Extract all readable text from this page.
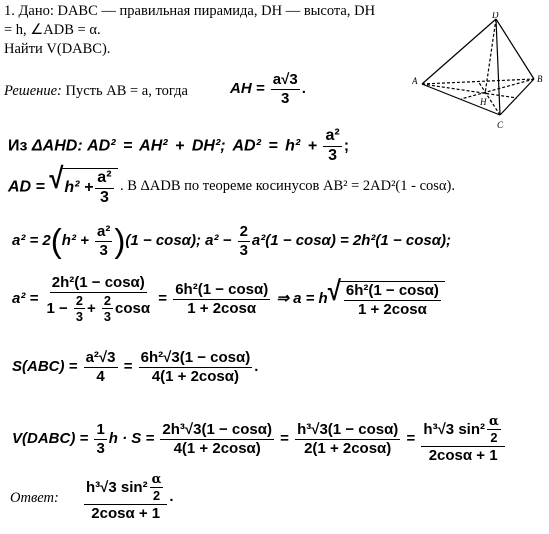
1. Дано: DABC — правильная пирамида, DH — высота, DH
= h, ∠ADB = α.
Найти V(DABC).
D
A	B
C
H
Решение: Пусть AB = a, тогда	AH = $\frac{a√3}{3}$ .
Из ΔAHD: AD² = AH² + DH²; $AD^2 = h^2 + \frac{\text{a²}}{3}$ ;
AD = √ $h^2 + \frac{\text{a²}}{3}$ . В ΔADB по теореме косинусов AB² = 2AD²(1 - cosα).
$a^2 = 2(h^2 + \frac{\text{a²}}{3} )(1 - \cos\alpha)$; $a^2 - \frac{2}{3} a^2(1 - \cos\alpha) = 2h^2(1 - \cos\alpha)$;
$a^2 = \frac{\text{2h²(1 − cosα)}}{1 - \frac{2}{3} + \frac{2}{3} \cos\alpha} = \frac{\text{6h²(1 − cosα)}}{1 + 2\cos\alpha}$ ⇒ a = h √ $\frac{\text{6h²(1 − cosα)}}{1 + 2\cos\alpha}$
$S(ABC) = \frac{\text{a²√3}}{4} = \frac{\text{6h²√3(1 − cosα)}}{4(1 + 2\cos\alpha)}$ .
V(DABC) = $\frac{1}{3}$ $h \cdot S = \frac{\text{2h³√3(1 − cosα)}}{4(1 + 2\cos\alpha)} = \frac{\text{h³√3(1 − cosα)}}{2(1 + 2\cos\alpha)} = \frac{h^3√3 \sin^2 \frac{\alpha}{2}}{2\cos\alpha + 1}$
Ответ: $\frac{h^3√3 \sin^2 \frac{\alpha}{2}}{2\cos\alpha + 1}$ .
